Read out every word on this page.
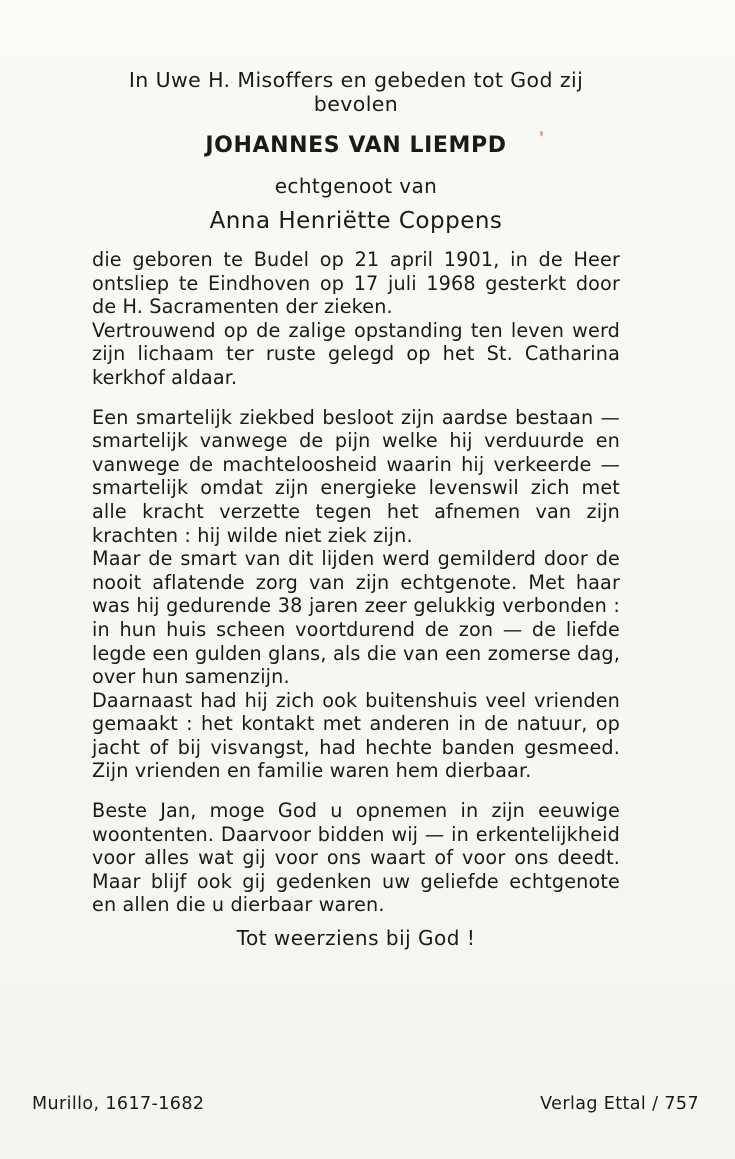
In Uwe H. Misoffers en gebeden tot God zij bevolen
JOHANNES VAN LIEMPD
echtgenoot van
Anna Henriëtte Coppens

die geboren te Budel op 21 april 1901, in de Heer ontsliep te Eindhoven op 17 juli 1968 gesterkt door de H. Sacramenten der zieken.

Vertrouwend op de zalige opstanding ten leven werd zijn lichaam ter ruste gelegd op het St. Catharina kerkhof aldaar.

Een smartelijk ziekbed besloot zijn aardse bestaan — smartelijk vanwege de pijn welke hij verduurde en vanwege de machteloosheid waarin hij verkeerde — smartelijk omdat zijn energieke levenswil zich met alle kracht verzette tegen het afnemen van zijn krachten : hij wilde niet ziek zijn.

Maar de smart van dit lijden werd gemilderd door de nooit aflatende zorg van zijn echtgenote. Met haar was hij gedurende 38 jaren zeer gelukkig verbonden : in hun huis scheen voortdurend de zon — de liefde legde een gulden glans, als die van een zomerse dag, over hun samenzijn.

Daarnaast had hij zich ook buitenshuis veel vrienden gemaakt : het kontakt met anderen in de natuur, op jacht of bij visvangst, had hechte banden gesmeed. Zijn vrienden en familie waren hem dierbaar.

Beste Jan, moge God u opnemen in zijn eeuwige woontenten. Daarvoor bidden wij — in erkentelijkheid voor alles wat gij voor ons waart of voor ons deedt. Maar blijf ook gij gedenken uw geliefde echtgenote en allen die u dierbaar waren.

Tot weerziens bij God !
Murillo, 1617-1682	Verlag Ettal / 757
